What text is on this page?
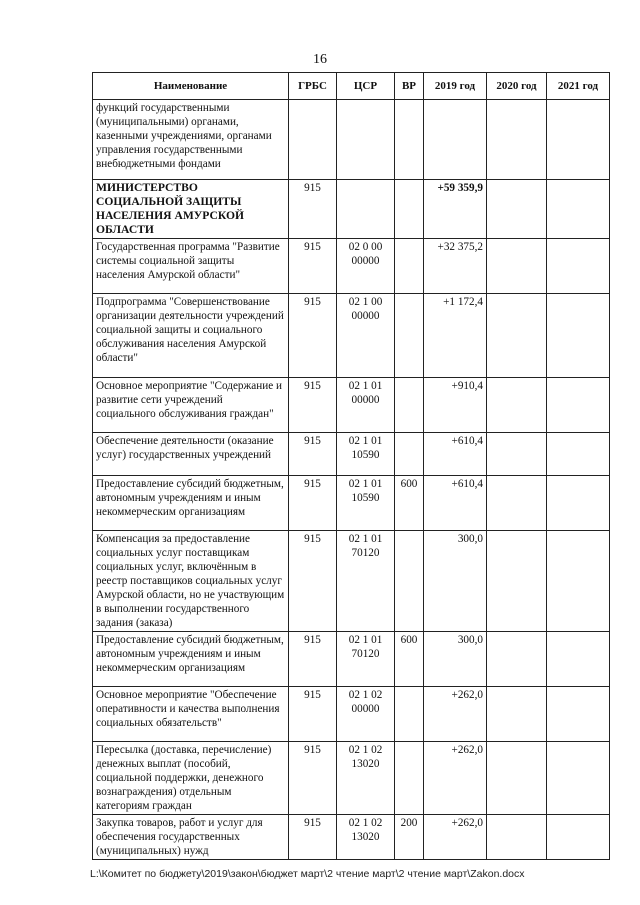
16
Наименование	ГРБС	ЦСР	ВР	2019 год	2020 год	2021 год
функций государственными (муниципальными) органами, казенными учреждениями, органами управления государственными внебюджетными фондами						
МИНИСТЕРСТВО СОЦИАЛЬНОЙ ЗАЩИТЫ НАСЕЛЕНИЯ АМУРСКОЙ ОБЛАСТИ	915			+59 359,9		
Государственная программа "Развитие системы социальной защиты населения Амурской области"	915	02 0 00 00000		+32 375,2		
Подпрограмма "Совершенствование организации деятельности учреждений социальной защиты и социального обслуживания населения Амурской области"	915	02 1 00 00000		+1 172,4		
Основное мероприятие "Содержание и развитие сети учреждений социального обслуживания граждан"	915	02 1 01 00000		+910,4		
Обеспечение деятельности (оказание услуг) государственных учреждений	915	02 1 01 10590		+610,4		
Предоставление субсидий бюджетным, автономным учреждениям и иным некоммерческим организациям	915	02 1 01 10590	600	+610,4		
Компенсация за предоставление социальных услуг поставщикам социальных услуг, включённым в реестр поставщиков социальных услуг Амурской области, но не участвующим в выполнении государственного задания (заказа)	915	02 1 01 70120		300,0		
Предоставление субсидий бюджетным, автономным учреждениям и иным некоммерческим организациям	915	02 1 01 70120	600	300,0		
Основное мероприятие "Обеспечение оперативности и качества выполнения социальных обязательств"	915	02 1 02 00000		+262,0		
Пересылка (доставка, перечисление) денежных выплат (пособий, социальной поддержки, денежного вознаграждения) отдельным категориям граждан	915	02 1 02 13020		+262,0		
Закупка товаров, работ и услуг для обеспечения государственных (муниципальных) нужд	915	02 1 02 13020	200	+262,0		
L:\Комитет по бюджету\2019\закон\бюджет март\2 чтение март\2 чтение март\Zakon.docx
